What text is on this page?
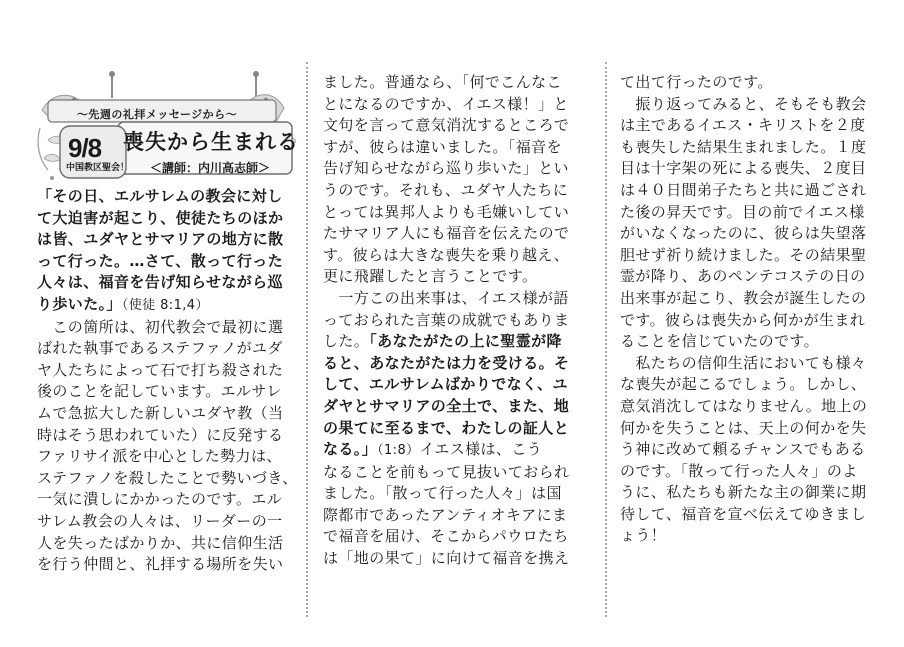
～先週の礼拝メッセージから～
9/8
中国教区聖会！
喪失から生まれる
＜講師：内川高志師＞

「その日、エルサレムの教会に対し

て大迫害が起こり、使徒たちのほか

は皆、ユダヤとサマリアの地方に散

って行った。…さて、散って行った

人々は、福音を告げ知らせながら巡

り歩いた。」（使徒 8:1,4）

　この箇所は、初代教会で最初に選

ばれた執事であるステファノがユダ

ヤ人たちによって石で打ち殺された

後のことを記しています。エルサレ

ムで急拡大した新しいユダヤ教（当

時はそう思われていた）に反発する

ファリサイ派を中心とした勢力は、

ステファノを殺したことで勢いづき、

一気に潰しにかかったのです。エル

サレム教会の人々は、リーダーの一

人を失ったばかりか、共に信仰生活

を行う仲間と、礼拝する場所を失い

ました。普通なら、「何でこんなこ

とになるのですか、イエス様！」と

文句を言って意気消沈するところで

すが、彼らは違いました。「福音を

告げ知らせながら巡り歩いた」とい

うのです。それも、ユダヤ人たちに

とっては異邦人よりも毛嫌いしてい

たサマリア人にも福音を伝えたので

す。彼らは大きな喪失を乗り越え、

更に飛躍したと言うことです。

　一方この出来事は、イエス様が語

っておられた言葉の成就でもありま

した。「あなたがたの上に聖霊が降

ると、あなたがたは力を受ける。そ

して、エルサレムばかりでなく、ユ

ダヤとサマリアの全土で、また、地

の果てに至るまで、わたしの証人と

なる。」（1:8）イエス様は、こう

なることを前もって見抜いておられ

ました。「散って行った人々」は国

際都市であったアンティオキアにま

で福音を届け、そこからパウロたち

は「地の果て」に向けて福音を携え

て出て行ったのです。

　振り返ってみると、そもそも教会

は主であるイエス・キリストを２度

も喪失した結果生まれました。１度

目は十字架の死による喪失、２度目

は４０日間弟子たちと共に過ごされ

た後の昇天です。目の前でイエス様

がいなくなったのに、彼らは失望落

胆せず祈り続けました。その結果聖

霊が降り、あのペンテコステの日の

出来事が起こり、教会が誕生したの

です。彼らは喪失から何かが生まれ

ることを信じていたのです。

　私たちの信仰生活においても様々

な喪失が起こるでしょう。しかし、

意気消沈してはなりません。地上の

何かを失うことは、天上の何かを失

う神に改めて頼るチャンスでもある

のです。「散って行った人々」のよ

うに、私たちも新たな主の御業に期

待して、福音を宣べ伝えてゆきまし

ょう！
